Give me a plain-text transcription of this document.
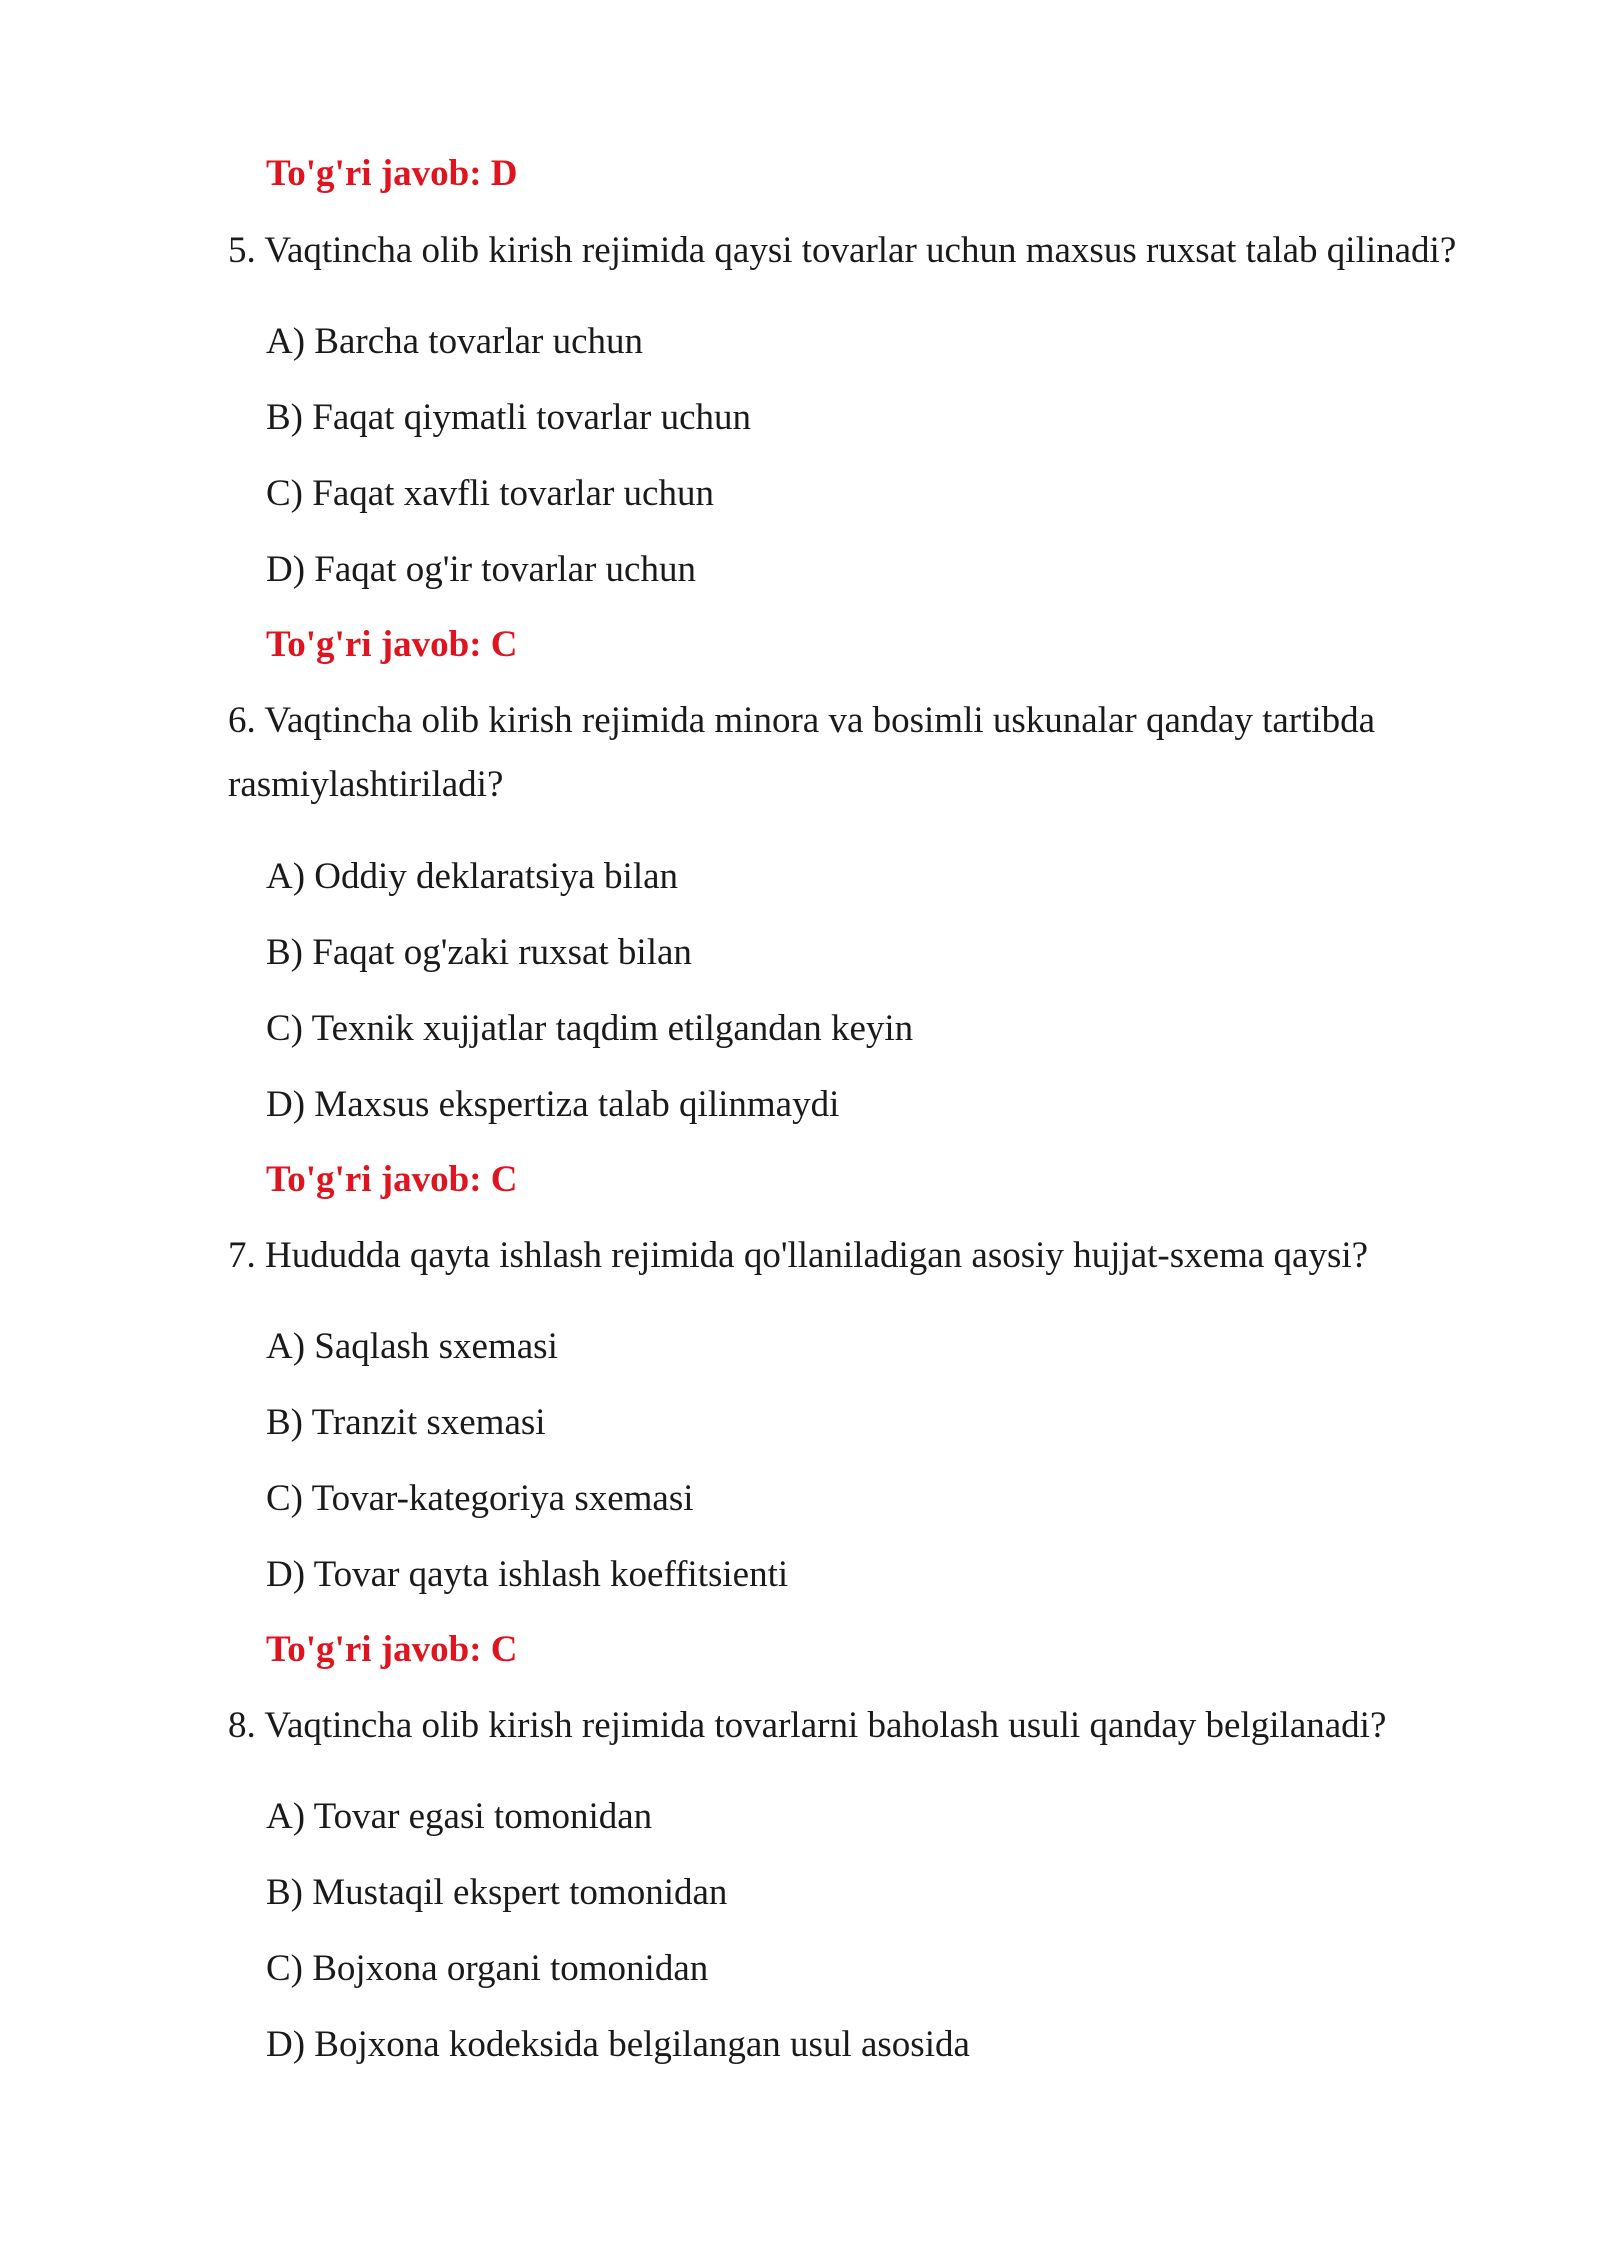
To'g'ri javob: D
5. Vaqtincha olib kirish rejimida qaysi tovarlar uchun maxsus ruxsat talab qilinadi?
A) Barcha tovarlar uchun
B) Faqat qiymatli tovarlar uchun
C) Faqat xavfli tovarlar uchun
D) Faqat og'ir tovarlar uchun
To'g'ri javob: C
6. Vaqtincha olib kirish rejimida minora va bosimli uskunalar qanday tartibda
rasmiylashtiriladi?
A) Oddiy deklaratsiya bilan
B) Faqat og'zaki ruxsat bilan
C) Texnik xujjatlar taqdim etilgandan keyin
D) Maxsus ekspertiza talab qilinmaydi
To'g'ri javob: C
7. Hududda qayta ishlash rejimida qo'llaniladigan asosiy hujjat-sxema qaysi?
A) Saqlash sxemasi
B) Tranzit sxemasi
C) Tovar-kategoriya sxemasi
D) Tovar qayta ishlash koeffitsienti
To'g'ri javob: C
8. Vaqtincha olib kirish rejimida tovarlarni baholash usuli qanday belgilanadi?
A) Tovar egasi tomonidan
B) Mustaqil ekspert tomonidan
C) Bojxona organi tomonidan
D) Bojxona kodeksida belgilangan usul asosida
